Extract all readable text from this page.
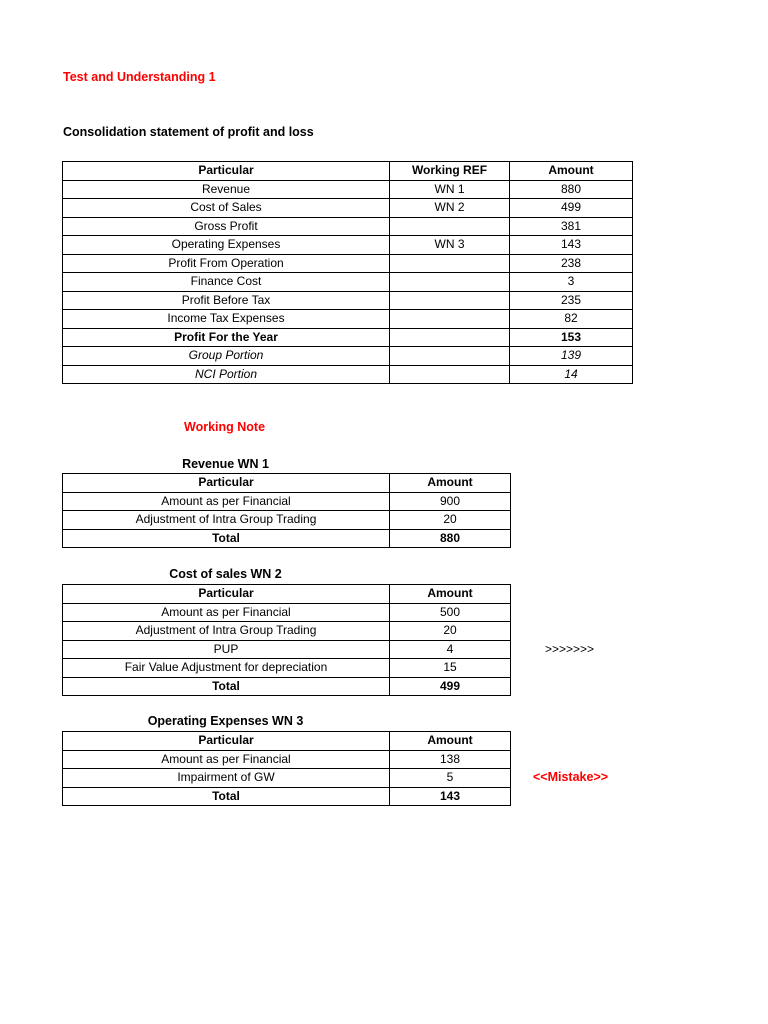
Test and Understanding 1
Consolidation statement of profit and loss
Particular	Working REF	Amount
Revenue	WN 1	880
Cost of Sales	WN 2	499
Gross Profit		381
Operating Expenses	WN 3	143
Profit From Operation		238
Finance Cost		3
Profit Before Tax		235
Income Tax Expenses		82
Profit For the Year		153
Group Portion		139
NCI Portion		14
Working Note
Revenue WN 1
Particular	Amount
Amount as per Financial	900
Adjustment of Intra Group Trading	20
Total	880
Cost of sales WN 2
Particular	Amount
Amount as per Financial	500
Adjustment of Intra Group Trading	20
PUP	4
Fair Value Adjustment for depreciation	15
Total	499
>>>>>>>
Operating Expenses WN 3
Particular	Amount
Amount as per Financial	138
Impairment of GW	5
Total	143
<<Mistake>>
